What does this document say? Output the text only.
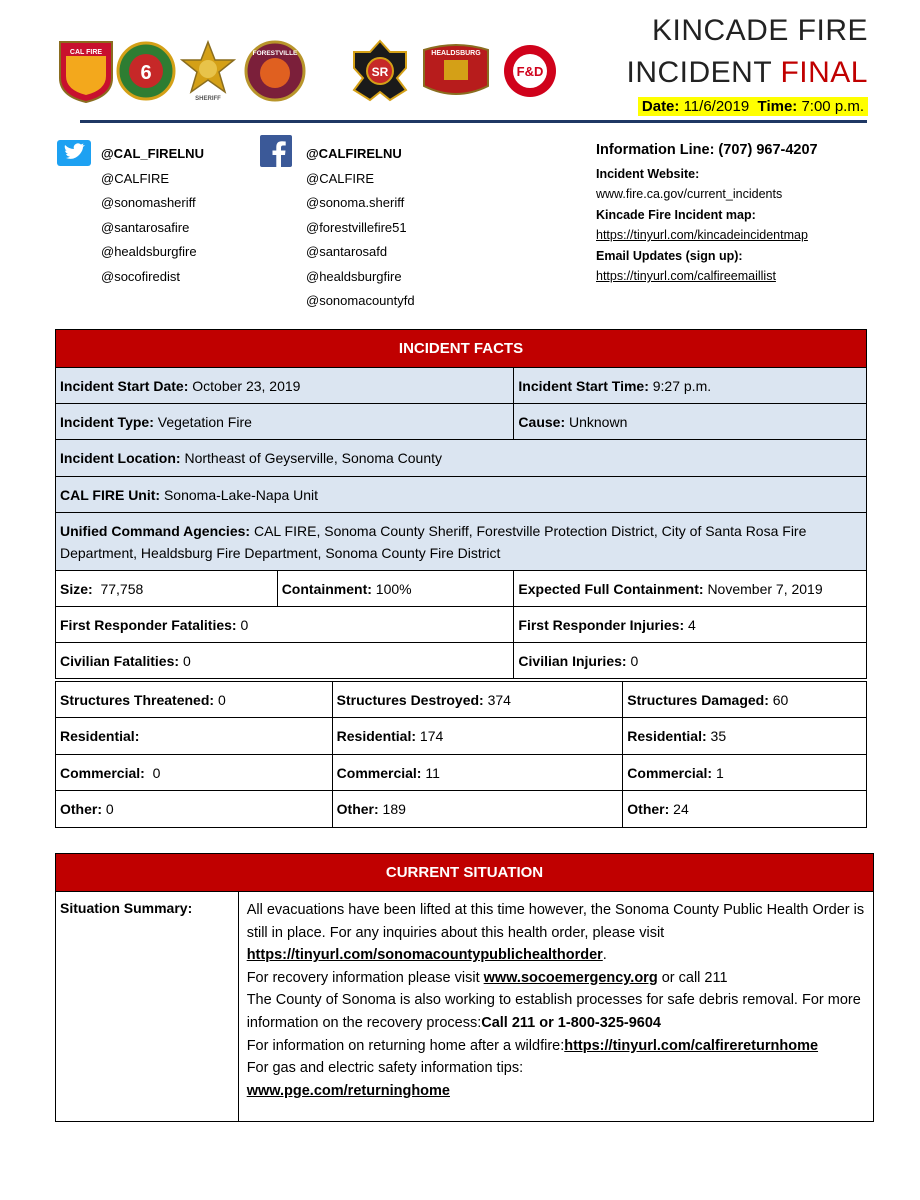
CAL FIRE
6
SHERIFF
FORESTVILLE
SR
HEALDSBURG
F&D
KINCADE FIRE
INCIDENT FINAL
Date: 11/6/2019 Time: 7:00 p.m.
@CAL_FIRELNU
@CALFIRE
@sonomasheriff
@santarosafire
@healdsburgfire
@socofiredist
@CALFIRELNU
@CALFIRE
@sonoma.sheriff
@forestvillefire51
@santarosafd
@healdsburgfire
@sonomacountyfd
Information Line: (707) 967-4207
Incident Website:
www.fire.ca.gov/current_incidents
Kincade Fire Incident map:
https://tinyurl.com/kincadeincidentmap
Email Updates (sign up):
https://tinyurl.com/calfireemaillist
INCIDENT FACTS		
Incident Start Date: October 23, 2019		Incident Start Time: 9:27 p.m.
Incident Type: Vegetation Fire		Cause: Unknown
Incident Location: Northeast of Geyserville, Sonoma County		
CAL FIRE Unit: Sonoma-Lake-Napa Unit		
Unified Command Agencies: CAL FIRE, Sonoma County Sheriff, Forestville Protection District, City of Santa Rosa Fire Department, Healdsburg Fire Department, Sonoma County Fire District		
Size: 77,758	Containment: 100%	Expected Full Containment: November 7, 2019
First Responder Fatalities: 0		First Responder Injuries: 4
Civilian Fatalities: 0		Civilian Injuries: 0
Structures Threatened: 0	Structures Destroyed: 374	Structures Damaged: 60
Residential:	Residential: 174	Residential: 35
Commercial: 0	Commercial: 11	Commercial: 1
Other: 0	Other: 189	Other: 24
CURRENT SITUATION
Situation Summary:	All evacuations have been lifted at this time however, the Sonoma County Public Health Order is still in place. For any inquiries about this health order, please visit https://tinyurl.com/sonomacountypublichealthorder.
For recovery information please visit www.socoemergency.org or call 211
The County of Sonoma is also working to establish processes for safe debris removal. For more information on the recovery process:Call 211 or 1-800-325-9604
For information on returning home after a wildfire:https://tinyurl.com/calfirereturnhome
For gas and electric safety information tips:
www.pge.com/returninghome
